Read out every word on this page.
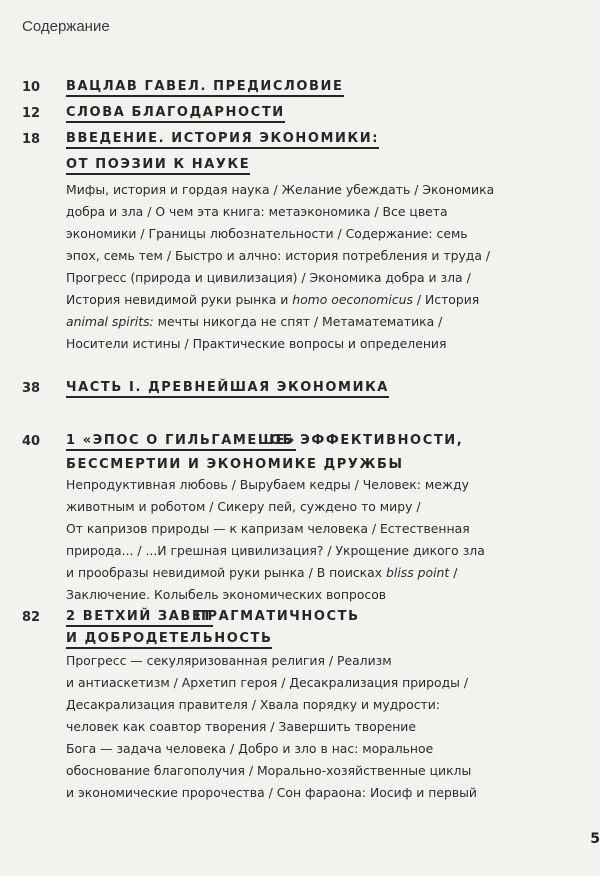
Содержание
10 ВАЦЛАВ ГАВЕЛ. ПРЕДИСЛОВИЕ
12 СЛОВА БЛАГОДАРНОСТИ
18 ВВЕДЕНИЕ. ИСТОРИЯ ЭКОНОМИКИ:
ОТ ПОЭЗИИ К НАУКЕ
Мифы, история и гордая наука / Желание убеждать / Экономика
добра и зла / О чем эта книга: метаэкономика / Все цвета
экономики / Границы любознательности / Содержание: семь
эпох, семь тем / Быстро и алчно: история потребления и труда /
Прогресс (природа и цивилизация) / Экономика добра и зла /
История невидимой руки рынка и homo oeconomicus / История
animal spirits: мечты никогда не спят / Метаматематика /
Носители истины / Практические вопросы и определения
38 ЧАСТЬ I. ДРЕВНЕЙШАЯ ЭКОНОМИКА
40 1 «ЭПОС О ГИЛЬГАМЕШЕ»
ОБ ЭФФЕКТИВНОСТИ,
БЕССМЕРТИИ И ЭКОНОМИКЕ ДРУЖБЫ
Непродуктивная любовь / Вырубаем кедры / Человек: между
животным и роботом / Сикеру пей, суждено то миру /
От капризов природы — к капризам человека / Естественная
природа... / ...И грешная цивилизация? / Укрощение дикого зла
и прообразы невидимой руки рынка / В поисках bliss point /
Заключение. Колыбель экономических вопросов
82 2 ВЕТХИЙ ЗАВЕТ
ПРАГМАТИЧНОСТЬ
И ДОБРОДЕТЕЛЬНОСТЬ
Прогресс — секуляризованная религия / Реализм
и антиаскетизм / Архетип героя / Десакрализация природы /
Десакрализация правителя / Хвала порядку и мудрости:
человек как соавтор творения / Завершить творение
Бога — задача человека / Добро и зло в нас: моральное
обоснование благополучия / Морально-хозяйственные циклы
и экономические пророчества / Сон фараона: Иосиф и первый
5
